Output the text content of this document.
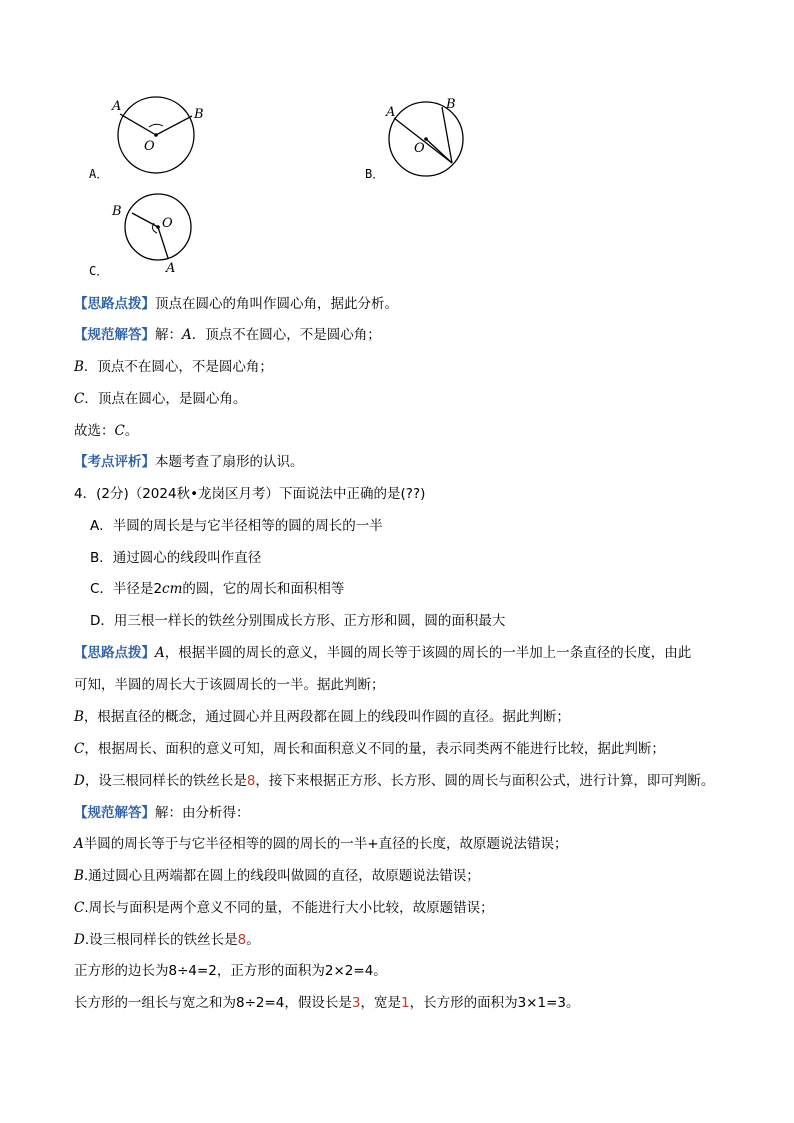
A
B
O
A．
A
B
O
B．
B
O
A
C．
【思路点拨】顶点在圆心的角叫作圆心角，据此分析。
【规范解答】解：A．顶点不在圆心，不是圆心角；
B．顶点不在圆心，不是圆心角；
C．顶点在圆心，是圆心角。
故选：C。
【考点评析】本题考查了扇形的认识。
4．(2分)（2024秋•龙岗区月考）下面说法中正确的是(??)
A．半圆的周长是与它半径相等的圆的周长的一半
B．通过圆心的线段叫作直径
C．半径是2cm的圆，它的周长和面积相等
D．用三根一样长的铁丝分别围成长方形、正方形和圆，圆的面积最大
【思路点拨】A，根据半圆的周长的意义，半圆的周长等于该圆的周长的一半加上一条直径的长度，由此
可知，半圆的周长大于该圆周长的一半。据此判断；
B，根据直径的概念，通过圆心并且两段都在圆上的线段叫作圆的直径。据此判断；
C，根据周长、面积的意义可知，周长和面积意义不同的量，表示同类两不能进行比较，据此判断；
D，设三根同样长的铁丝长是8，接下来根据正方形、长方形、圆的周长与面积公式，进行计算，即可判断。
【规范解答】解：由分析得：
A半圆的周长等于与它半径相等的圆的周长的一半+直径的长度，故原题说法错误；
B.通过圆心且两端都在圆上的线段叫做圆的直径，故原题说法错误；
C.周长与面积是两个意义不同的量，不能进行大小比较，故原题错误；
D.设三根同样长的铁丝长是8。
正方形的边长为8÷4=2，正方形的面积为2×2=4。
长方形的一组长与宽之和为8÷2=4，假设长是3，宽是1，长方形的面积为3×1=3。
